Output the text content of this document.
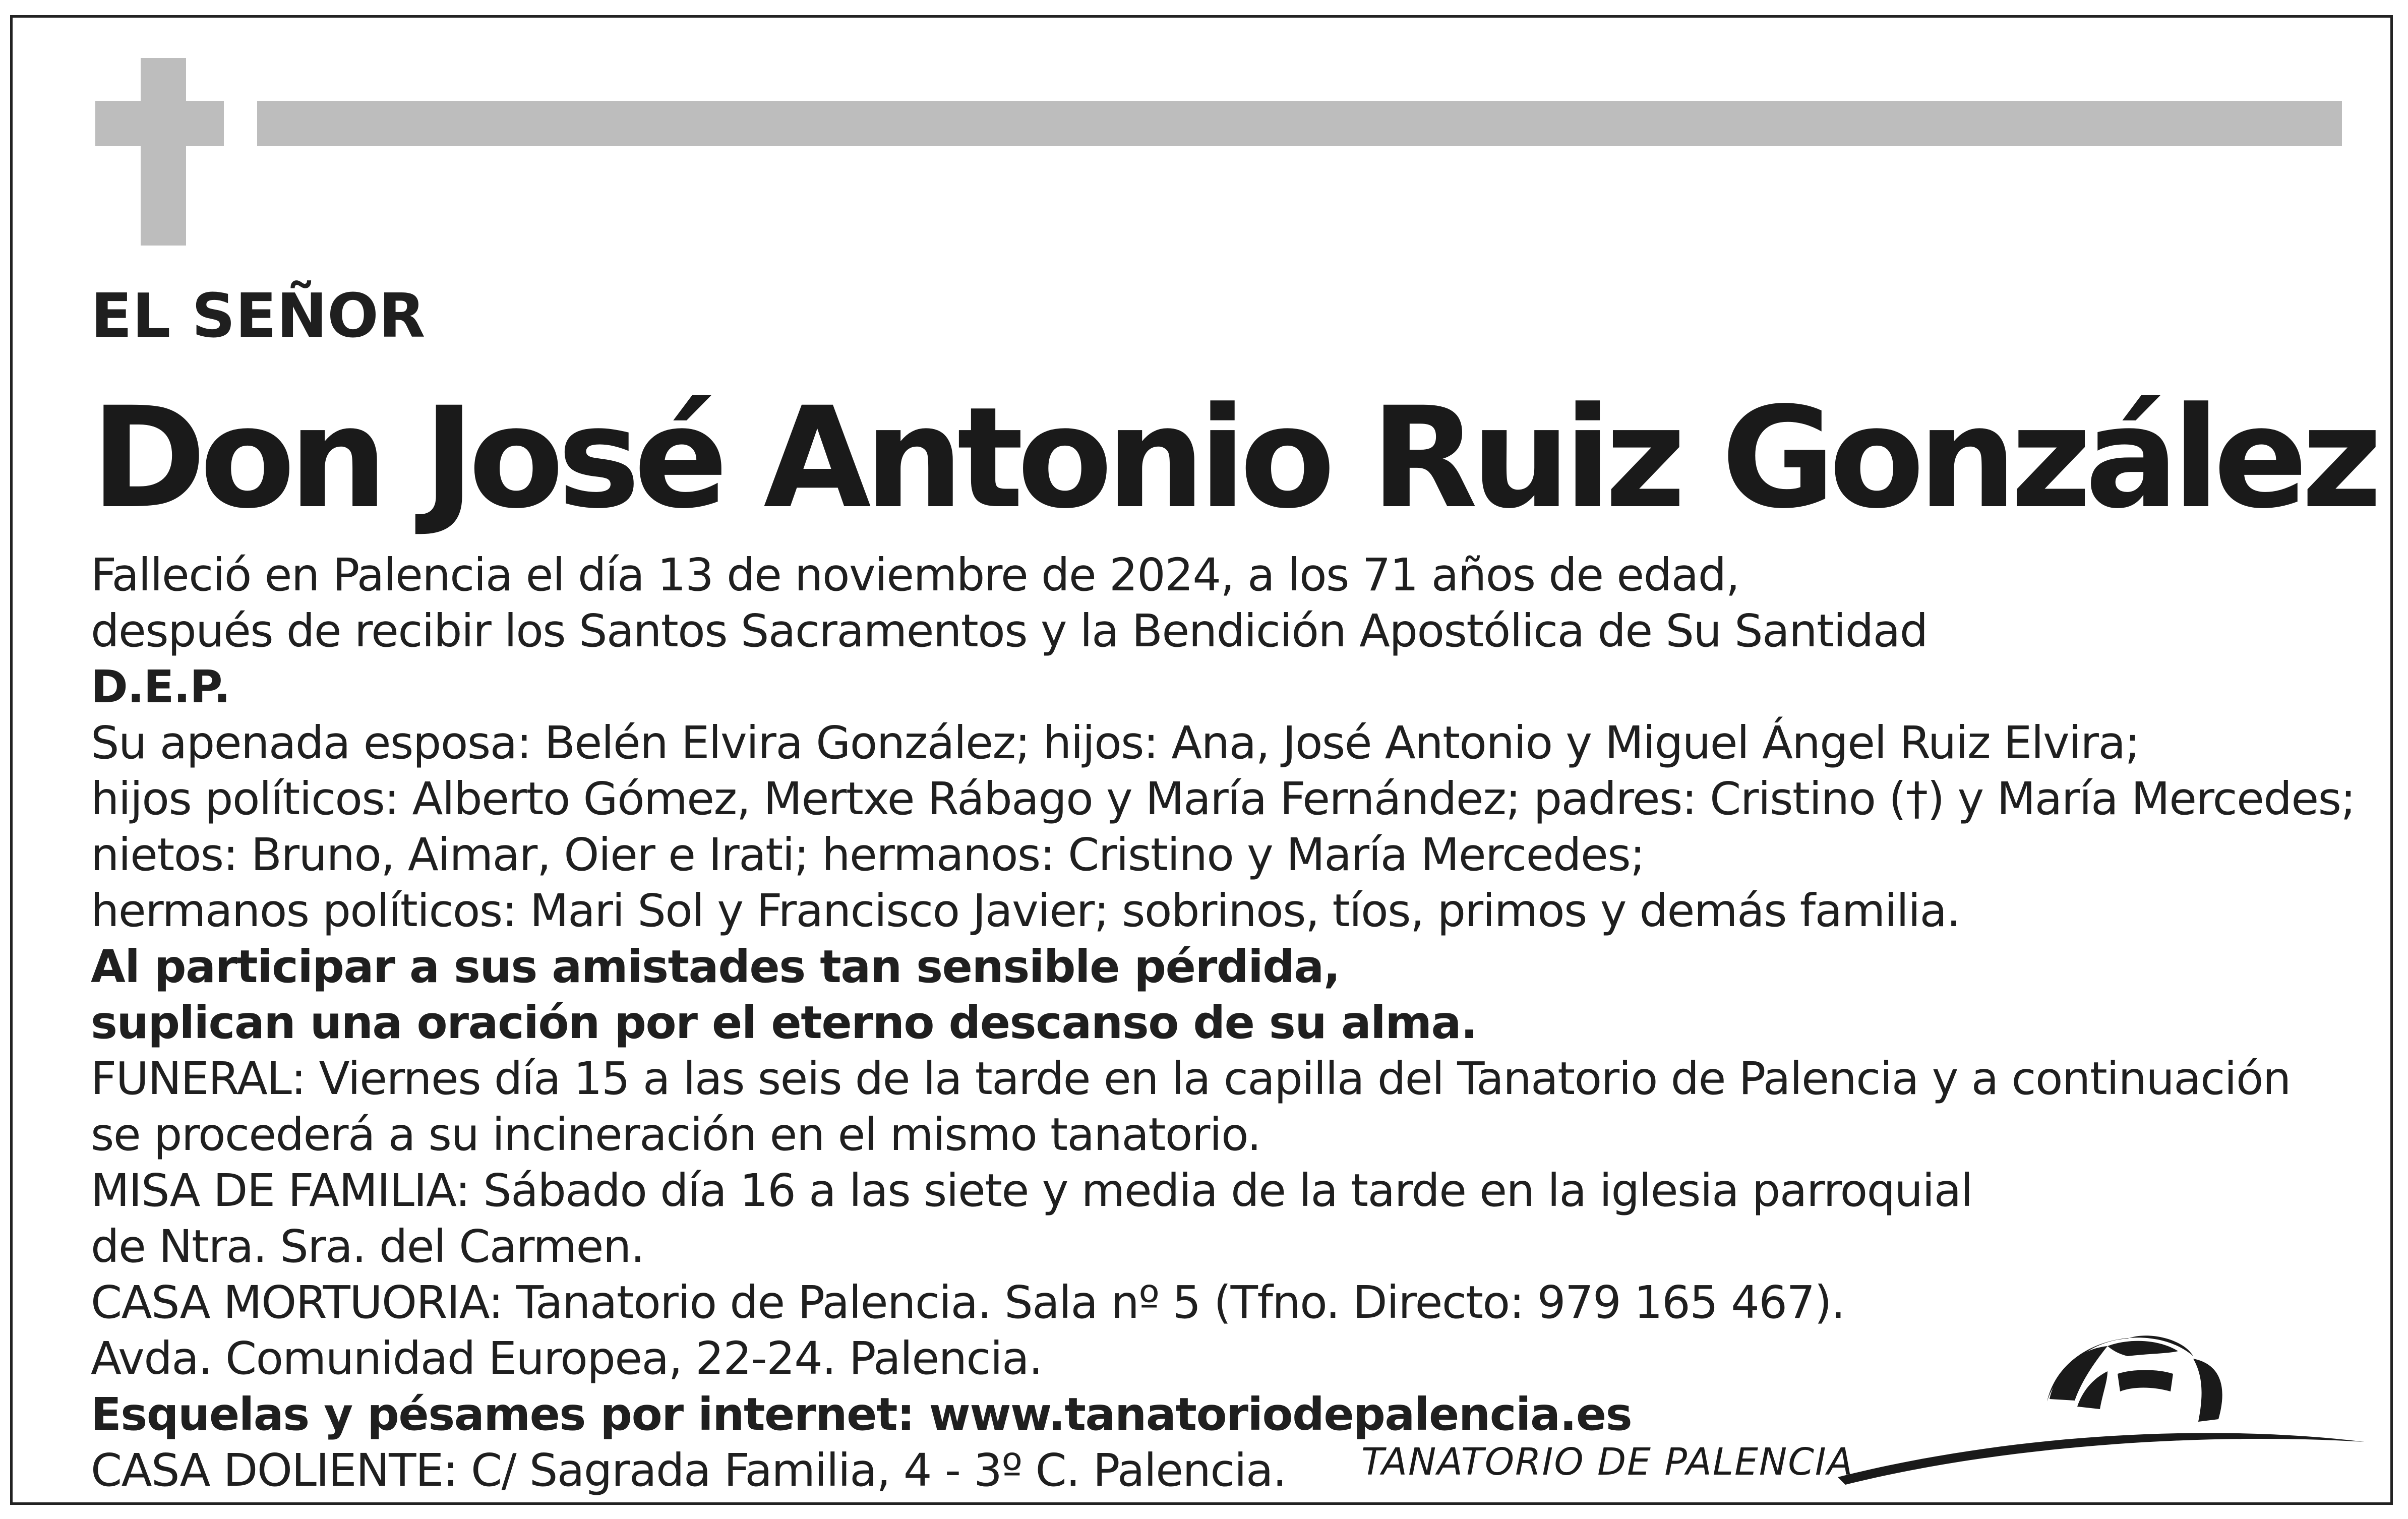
EL SEÑOR
Don José Antonio Ruiz González
Falleció en Palencia el día 13 de noviembre de 2024, a los 71 años de edad,
después de recibir los Santos Sacramentos y la Bendición Apostólica de Su Santidad
D.E.P.
Su apenada esposa: Belén Elvira González; hijos: Ana, José Antonio y Miguel Ángel Ruiz Elvira;
hijos políticos: Alberto Gómez, Mertxe Rábago y María Fernández; padres: Cristino (†) y María Mercedes;
nietos: Bruno, Aimar, Oier e Irati; hermanos: Cristino y María Mercedes;
hermanos políticos: Mari Sol y Francisco Javier; sobrinos, tíos, primos y demás familia.
Al participar a sus amistades tan sensible pérdida,
suplican una oración por el eterno descanso de su alma.
FUNERAL: Viernes día 15 a las seis de la tarde en la capilla del Tanatorio de Palencia y a continuación
se procederá a su incineración en el mismo tanatorio.
MISA DE FAMILIA: Sábado día 16 a las siete y media de la tarde en la iglesia parroquial
de Ntra. Sra. del Carmen.
CASA MORTUORIA: Tanatorio de Palencia. Sala nº 5 (Tfno. Directo: 979 165 467).
Avda. Comunidad Europea, 22-24. Palencia.
Esquelas y pésames por internet: www.tanatoriodepalencia.es
CASA DOLIENTE: C/ Sagrada Familia, 4 - 3º C. Palencia.	TANATORIO DE PALENCIA
